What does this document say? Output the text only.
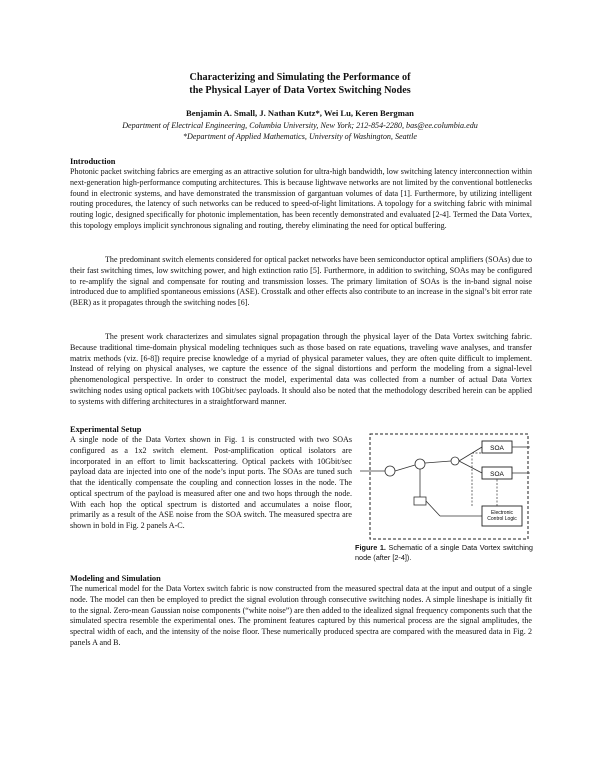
Characterizing and Simulating the Performance of
the Physical Layer of Data Vortex Switching Nodes

Benjamin A. Small, J. Nathan Kutz*, Wei Lu, Keren Bergman

Department of Electrical Engineering, Columbia University, New York; 212-854-2280, bas@ee.columbia.edu

*Department of Applied Mathematics, University of Washington, Seattle

Introduction

Photonic packet switching fabrics are emerging as an attractive solution for ultra-high bandwidth, low switching latency interconnection within next-generation high-performance computing architectures. This is because lightwave networks are not limited by the conventional bottlenecks found in electronic systems, and have demonstrated the transmission of gargantuan volumes of data [1]. Furthermore, by utilizing intelligent routing procedures, the latency of such networks can be reduced to speed-of-light limitations. A topology for a switching fabric with minimal routing logic, designed specifically for photonic implementation, has been recently demonstrated and evaluated [2-4]. Termed the Data Vortex, this topology employs implicit synchronous signaling and routing, thereby eliminating the need for optical buffering.

The predominant switch elements considered for optical packet networks have been semiconductor optical amplifiers (SOAs) due to their fast switching times, low switching power, and high extinction ratio [5]. Furthermore, in addition to switching, SOAs may be configured to re-amplify the signal and compensate for routing and transmission losses. The primary limitation of SOAs is the in-band signal noise introduced due to amplified spontaneous emissions (ASE). Crosstalk and other effects also contribute to an increase in the signal’s bit error rate (BER) as it propagates through the switching nodes [6].

The present work characterizes and simulates signal propagation through the physical layer of the Data Vortex switching fabric. Because traditional time-domain physical modeling techniques such as those based on rate equations, traveling wave analyses, and transfer matrix methods (viz. [6-8]) require precise knowledge of a myriad of physical parameter values, they are often quite difficult to implement. Instead of relying on physical analyses, we capture the essence of the signal distortions and perform the modeling from a signal-level phenomenological perspective. In order to construct the model, experimental data was collected from a number of actual Data Vortex switching nodes using optical packets with 10Gbit/sec payloads. It should also be noted that the methodology described herein can be applied to systems with differing architectures in a straightforward manner.

Experimental Setup

A single node of the Data Vortex shown in Fig. 1 is constructed with two SOAs configured as a 1x2 switch element. Post-amplification optical isolators are incorporated in an effort to limit backscattering. Optical packets with 10Gbit/sec payload data are injected into one of the node’s input ports. The SOAs are tuned such that the identically compensate the coupling and connection losses in the node. The optical spectrum of the payload is measured after one and two hops through the node. With each hop the optical spectrum is distorted and accumulates a noise floor, primarily as a result of the ASE noise from the SOA switch. The measured spectra are shown in bold in Fig. 2 panels A-C.

SOA
SOA
Electronic Control Logic

Figure 1. Schematic of a single Data Vortex switching node (after [2-4]).

Modeling and Simulation

The numerical model for the Data Vortex switch fabric is now constructed from the measured spectral data at the input and output of a single node. The model can then be employed to predict the signal evolution through consecutive switching nodes. A simple lineshape is initially fit to the signal. Zero-mean Gaussian noise components (“white noise”) are then added to the idealized signal frequency components such that the simulated spectra resemble the experimental ones. The prominent features captured by this numerical process are the signal amplitudes, the spectral width of each, and the intensity of the noise floor. These numerically produced spectra are compared with the measured data in Fig. 2 panels A and B.
